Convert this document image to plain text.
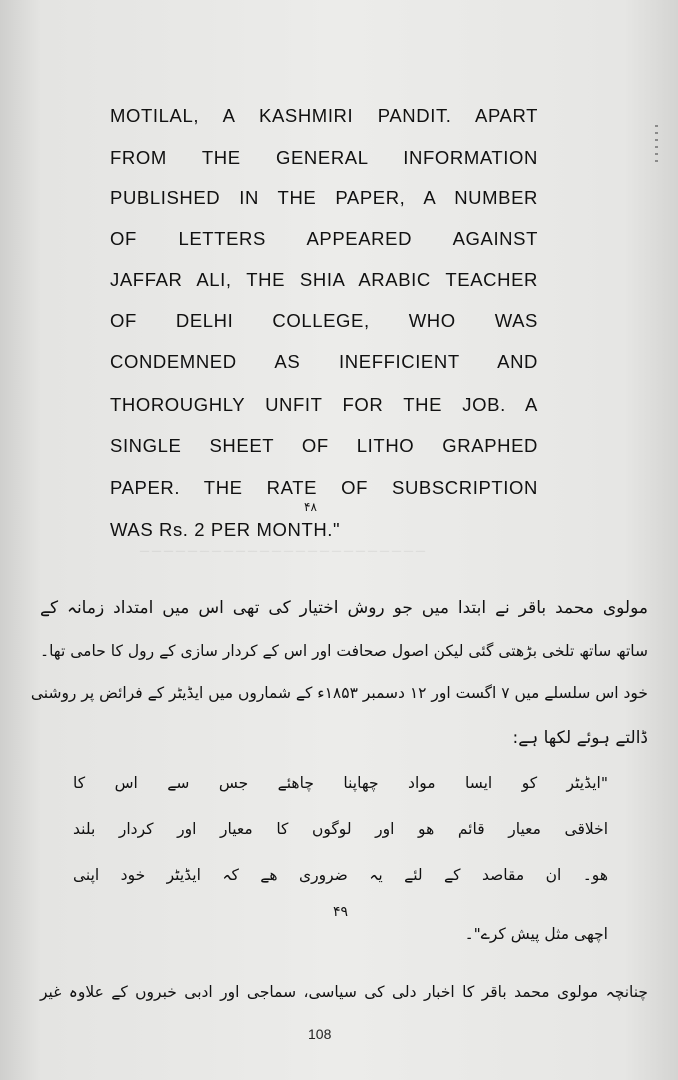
‾‾‾‾‾‾‾‾‾‾‾‾‾‾‾‾‾‾‾‾‾‾‾‾
MOTILAL, A KASHMIRI PANDIT. APART
FROM THE GENERAL INFORMATION
PUBLISHED IN THE PAPER, A NUMBER
OF LETTERS APPEARED AGAINST
JAFFAR ALI, THE SHIA ARABIC TEACHER
OF DELHI COLLEGE, WHO WAS
CONDEMNED AS INEFFICIENT AND
THOROUGHLY UNFIT FOR THE JOB. A
SINGLE SHEET OF LITHO GRAPHED
PAPER. THE RATE OF SUBSCRIPTION
WAS Rs. 2 PER MONTH."
۴۸
مولوی محمد باقر نے ابتدا میں جو روش اختیار کی تھی اس میں امتداد زمانہ کے
ساتھ ساتھ تلخی بڑھتی گئی لیکن اصول صحافت اور اس کے کردار سازی کے رول کا حامی تھا۔
خود اس سلسلے میں ۷ اگست اور ۱۲ دسمبر ۱۸۵۳ء کے شماروں میں ایڈیٹر کے فرائض پر روشنی
ڈالتے ہوئے لکھا ہے:
"ایڈیٹر کو ایسا مواد چھاپنا چاھئے جس سے اس کا
اخلاقی معیار قائم ھو اور لوگوں کا معیار اور کردار بلند
ھو۔ ان مقاصد کے لئے یہ ضروری ھے کہ ایڈیٹر خود اپنی
۴۹
اچھی مثل پیش کرے"۔
چنانچہ مولوی محمد باقر کا اخبار دلی کی سیاسی، سماجی اور ادبی خبروں کے علاوہ غیر
108
